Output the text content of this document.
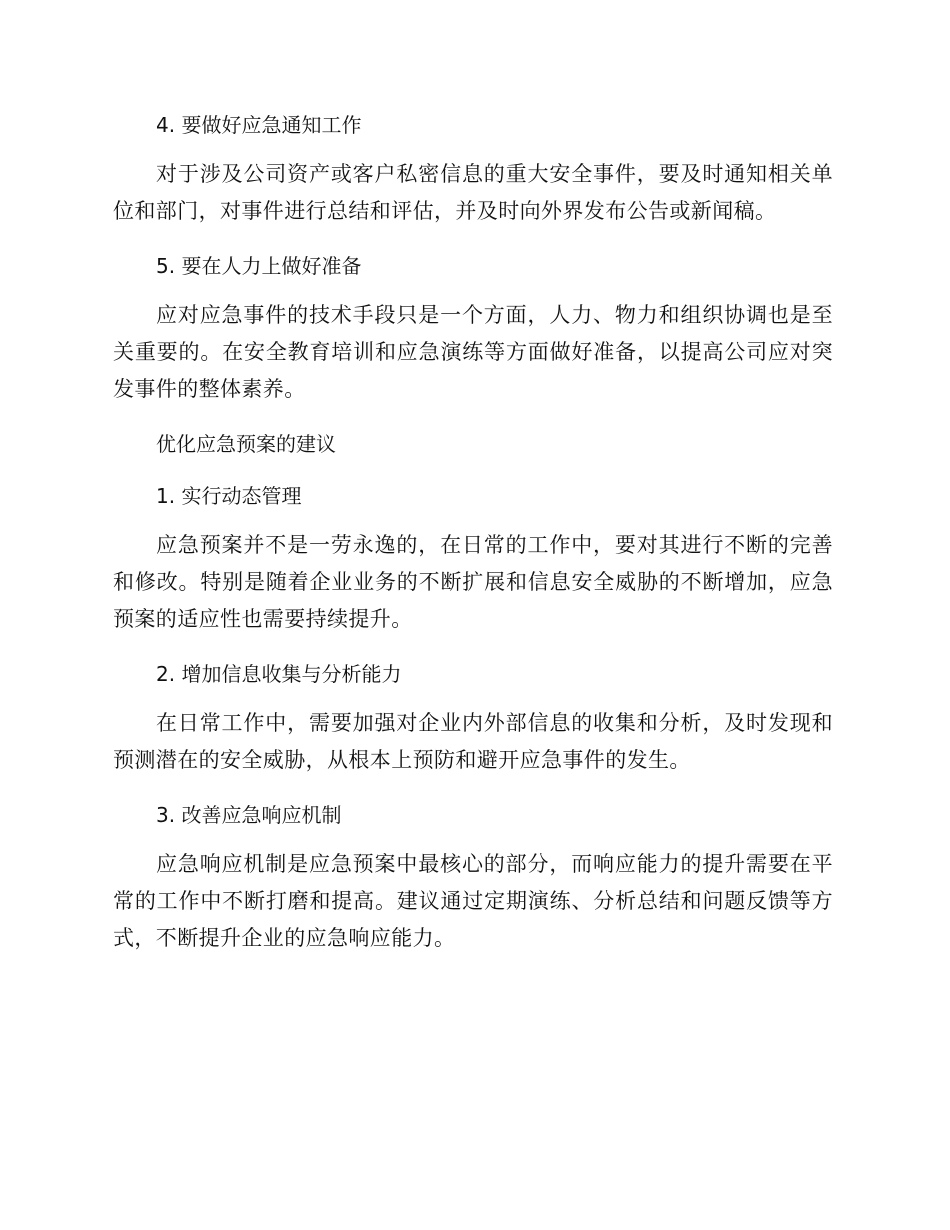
4. 要做好应急通知工作

对于涉及公司资产或客户私密信息的重大安全事件，要及时通知相关单位和部门，对事件进行总结和评估，并及时向外界发布公告或新闻稿。

5. 要在人力上做好准备

应对应急事件的技术手段只是一个方面，人力、物力和组织协调也是至关重要的。在安全教育培训和应急演练等方面做好准备，以提高公司应对突发事件的整体素养。

优化应急预案的建议
1. 实行动态管理

应急预案并不是一劳永逸的，在日常的工作中，要对其进行不断的完善和修改。特别是随着企业业务的不断扩展和信息安全威胁的不断增加，应急预案的适应性也需要持续提升。

2. 增加信息收集与分析能力

在日常工作中，需要加强对企业内外部信息的收集和分析，及时发现和预测潜在的安全威胁，从根本上预防和避开应急事件的发生。

3. 改善应急响应机制

应急响应机制是应急预案中最核心的部分，而响应能力的提升需要在平常的工作中不断打磨和提高。建议通过定期演练、分析总结和问题反馈等方式，不断提升企业的应急响应能力。
